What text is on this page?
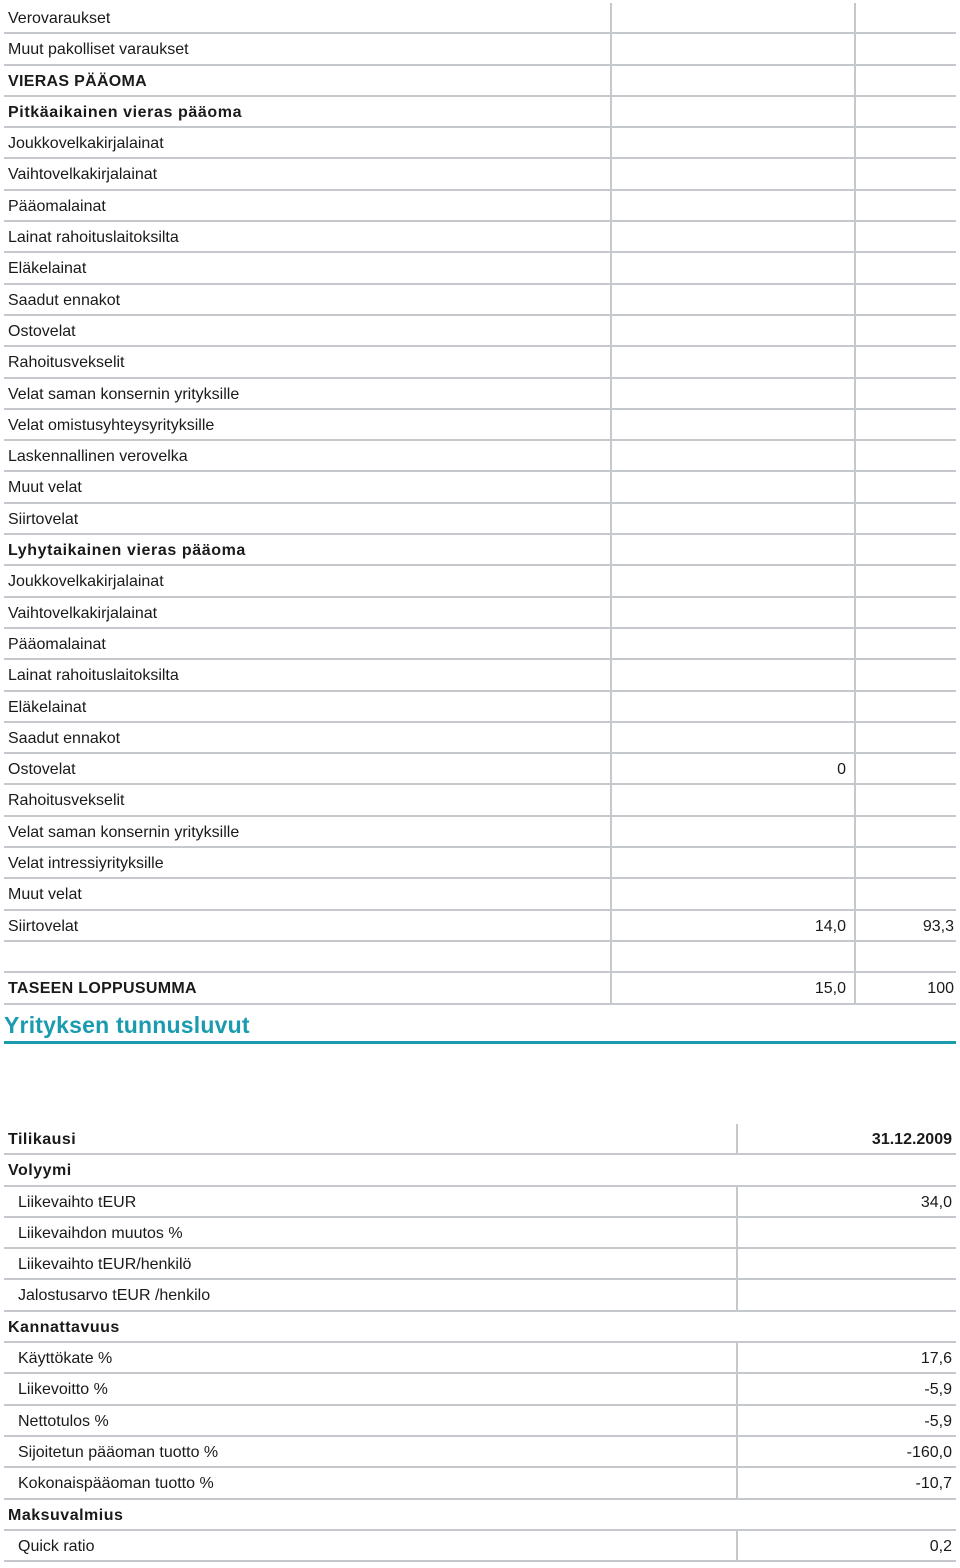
Verovaraukset
Muut pakolliset varaukset
VIERAS PÄÄOMA
Pitkäaikainen vieras pääoma
Joukkovelkakirjalainat
Vaihtovelkakirjalainat
Pääomalainat
Lainat rahoituslaitoksilta
Eläkelainat
Saadut ennakot
Ostovelat
Rahoitusvekselit
Velat saman konsernin yrityksille
Velat omistusyhteysyrityksille
Laskennallinen verovelka
Muut velat
Siirtovelat
Lyhytaikainen vieras pääoma
Joukkovelkakirjalainat
Vaihtovelkakirjalainat
Pääomalainat
Lainat rahoituslaitoksilta
Eläkelainat
Saadut ennakot
Ostovelat	0
Rahoitusvekselit
Velat saman konsernin yrityksille
Velat intressiyrityksille
Muut velat
Siirtovelat	14,0	93,3
TASEEN LOPPUSUMMA	15,0	100
Yrityksen tunnusluvut
Tilikausi	31.12.2009
Volyymi
Liikevaihto tEUR	34,0
Liikevaihdon muutos %
Liikevaihto tEUR/henkilö
Jalostusarvo tEUR /henkilo
Kannattavuus
Käyttökate %	17,6
Liikevoitto %	-5,9
Nettotulos %	-5,9
Sijoitetun pääoman tuotto %	-160,0
Kokonaispääoman tuotto %	-10,7
Maksuvalmius
Quick ratio	0,2
